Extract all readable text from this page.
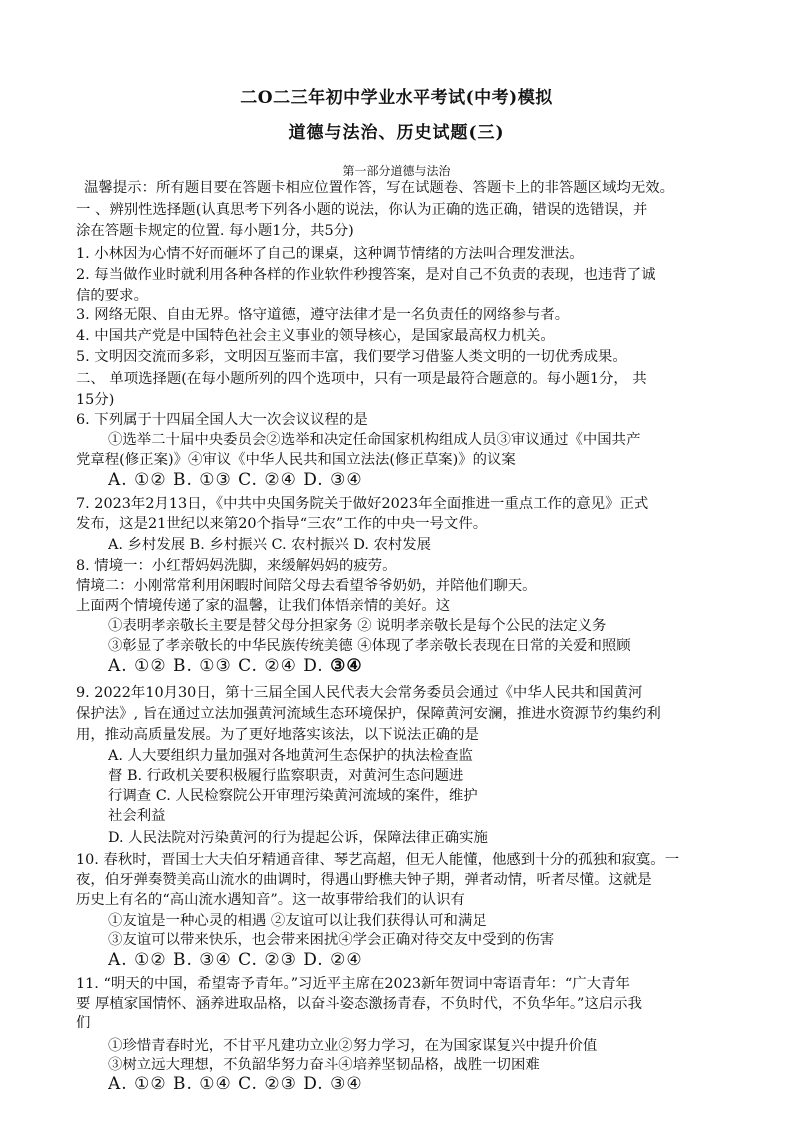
二O二三年初中学业水平考试(中考)模拟
道德与法治、历史试题(三)
第一部分道德与法治
温馨提示：所有题目要在答题卡相应位置作答，写在试题卷、答题卡上的非答题区域均无效。
一 、辨别性选择题(认真思考下列各小题的说法，你认为正确的选正确，错误的选错误，并
涂在答题卡规定的位置. 每小题1分，共5分)
1. 小林因为心情不好而砸坏了自己的课桌，这种调节情绪的方法叫合理发泄法。
2. 每当做作业时就利用各种各样的作业软件秒搜答案，是对自己不负责的表现，也违背了诚
信的要求。
3. 网络无限、自由无界。恪守道德，遵守法律才是一名负责任的网络参与者。
4. 中国共产党是中国特色社会主义事业的领导核心，是国家最高权力机关。
5. 文明因交流而多彩，文明因互鉴而丰富，我们要学习借鉴人类文明的一切优秀成果。
二、 单项选择题(在每小题所列的四个选项中，只有一项是最符合题意的。每小题1分， 共
15分)
6. 下列属于十四届全国人大一次会议议程的是
①选举二十届中央委员会②选举和决定任命国家机构组成人员③审议通过《中国共产
党章程(修正案)》④审议《中华人民共和国立法法(修正草案)》的议案
A. ①② B. ①③ C. ②④ D. ③④
7. 2023年2月13日，《中共中央国务院关于做好2023年全面推进一重点工作的意见》正式
发布，这是21世纪以来第20个指导“三农”工作的中央一号文件。
A. 乡村发展 B. 乡村振兴 C. 农村振兴 D. 农村发展
8. 情境一：小红帮妈妈洗脚，来缓解妈妈的疲劳。
情境二：小刚常常利用闲暇时间陪父母去看望爷爷奶奶，并陪他们聊天。
上面两个情境传递了家的温馨，让我们体悟亲情的美好。这
①表明孝亲敬长主要是替父母分担家务 ② 说明孝亲敬长是每个公民的法定义务
③彰显了孝亲敬长的中华民族传统美德 ④体现了孝亲敬长表现在日常的关爱和照顾
A. ①② B. ①③ C. ②④ D. ③④
9. 2022年10月30日，第十三届全国人民代表大会常务委员会通过《中华人民共和国黄河
保护法》, 旨在通过立法加强黄河流域生态环境保护，保障黄河安澜，推进水资源节约集约利
用，推动高质量发展。为了更好地落实该法，以下说法正确的是
A. 人大要组织力量加强对各地黄河生态保护的执法检查监
督 B. 行政机关要积极履行监察职责，对黄河生态问题进
行调查 C. 人民检察院公开审理污染黄河流域的案件，维护
社会利益
D. 人民法院对污染黄河的行为提起公诉，保障法律正确实施
10. 春秋时，晋国士大夫伯牙精通音律、琴艺高超，但无人能懂，他感到十分的孤独和寂寞。一
夜，伯牙弹奏赞美高山流水的曲调时，得遇山野樵夫钟子期，弹者动情，听者尽懂。这就是
历史上有名的“高山流水遇知音”。这一故事带给我们的认识有
①友谊是一种心灵的相遇 ②友谊可以让我们获得认可和满足
③友谊可以带来快乐，也会带来困扰④学会正确对待交友中受到的伤害
A. ①② B. ③④ C. ②③ D. ②④
11. “明天的中国，希望寄予青年。”习近平主席在2023新年贺词中寄语青年：“广大青年
要 厚植家国情怀、涵养进取品格，以奋斗姿态激扬青春，不负时代，不负华年。”这启示我
们
①珍惜青春时光，不甘平凡建功立业②努力学习，在为国家谋复兴中提升价值
③树立远大理想，不负韶华努力奋斗④培养坚韧品格，战胜一切困难
A. ①② B. ①④ C. ②③ D. ③④
